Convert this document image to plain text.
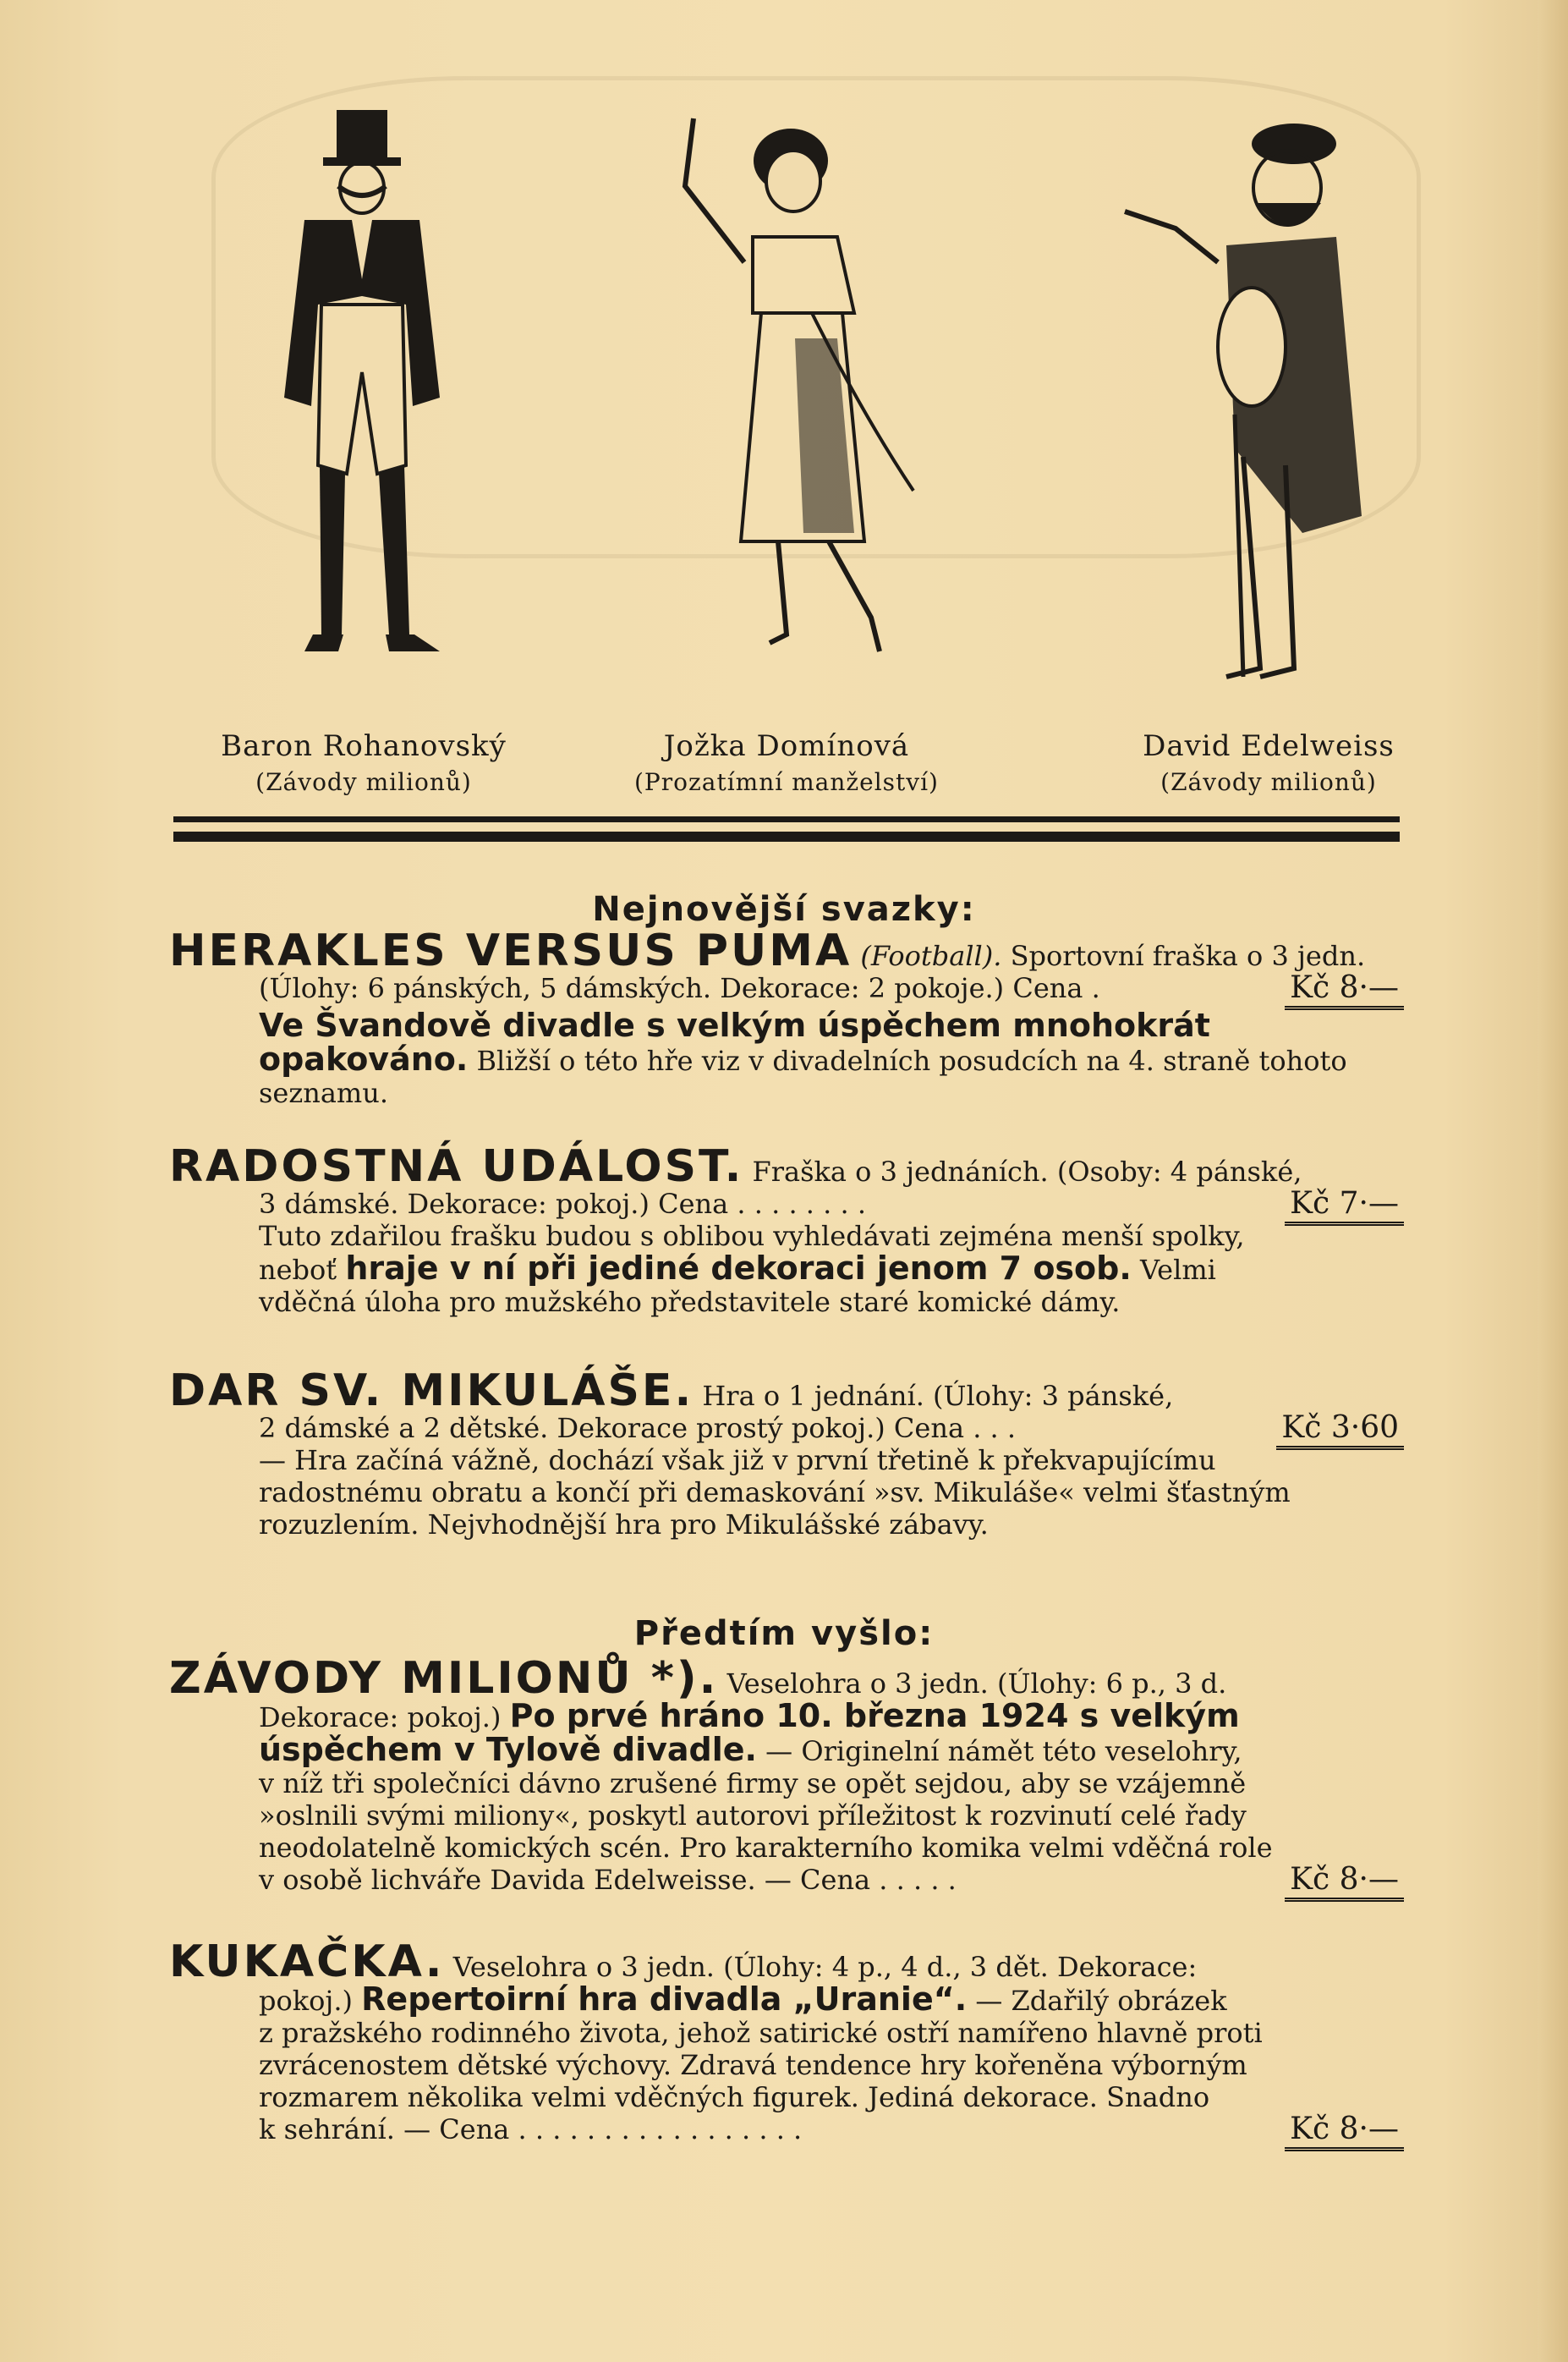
Baron Rohanovský
(Závody milionů)
Jožka Domínová
(Prozatímní manželství)
David Edelweiss
(Závody milionů)
Nejnovější svazky:
HERAKLES VERSUS PUMA (Football). Sportovní fraška o 3 jedn.
(Úlohy: 6 pánských, 5 dámských. Dekorace: 2 pokoje.) Cena .	Kč 8·—
Ve Švandově divadle s velkým úspěchem mnohokrát opakováno. Bližší o této hře viz v divadelních posudcích na 4. straně tohoto seznamu.
RADOSTNÁ UDÁLOST. Fraška o 3 jednáních. (Osoby: 4 pánské,
3 dámské. Dekorace: pokoj.) Cena . . . . . . . .	Kč 7·—
Tuto zdařilou frašku budou s oblibou vyhledávati zejména menší spolky,
neboť hraje v ní při jediné dekoraci jenom 7 osob. Velmi
vděčná úloha pro mužského představitele staré komické dámy.
DAR SV. MIKULÁŠE. Hra o 1 jednání. (Úlohy: 3 pánské,
2 dámské a 2 dětské. Dekorace prostý pokoj.) Cena . . .	Kč 3·60
— Hra začíná vážně, dochází však již v první třetině k překvapujícímu
radostnému obratu a končí při demaskování »sv. Mikuláše« velmi šťastným
rozuzlením. Nejvhodnější hra pro Mikulášské zábavy.
Předtím vyšlo:
ZÁVODY MILIONŮ *). Veselohra o 3 jedn. (Úlohy: 6 p., 3 d.
Dekorace: pokoj.) Po prvé hráno 10. března 1924 s velkým
úspěchem v Tylově divadle. — Originelní námět této veselohry,
v níž tři společníci dávno zrušené firmy se opět sejdou, aby se vzájemně
»oslnili svými miliony«, poskytl autorovi příležitost k rozvinutí celé řady
neodolatelně komických scén. Pro karakterního komika velmi vděčná role
v osobě lichváře Davida Edelweisse. — Cena . . . . .	Kč 8·—
KUKAČKA. Veselohra o 3 jedn. (Úlohy: 4 p., 4 d., 3 dět. Dekorace:
pokoj.) Repertoirní hra divadla „Uranie“. — Zdařilý obrázek
z pražského rodinného života, jehož satirické ostří namířeno hlavně proti
zvrácenostem dětské výchovy. Zdravá tendence hry kořeněna výborným
rozmarem několika velmi vděčných figurek. Jediná dekorace. Snadno
k sehrání. — Cena . . . . . . . . . . . . . . . . .	Kč 8·—
